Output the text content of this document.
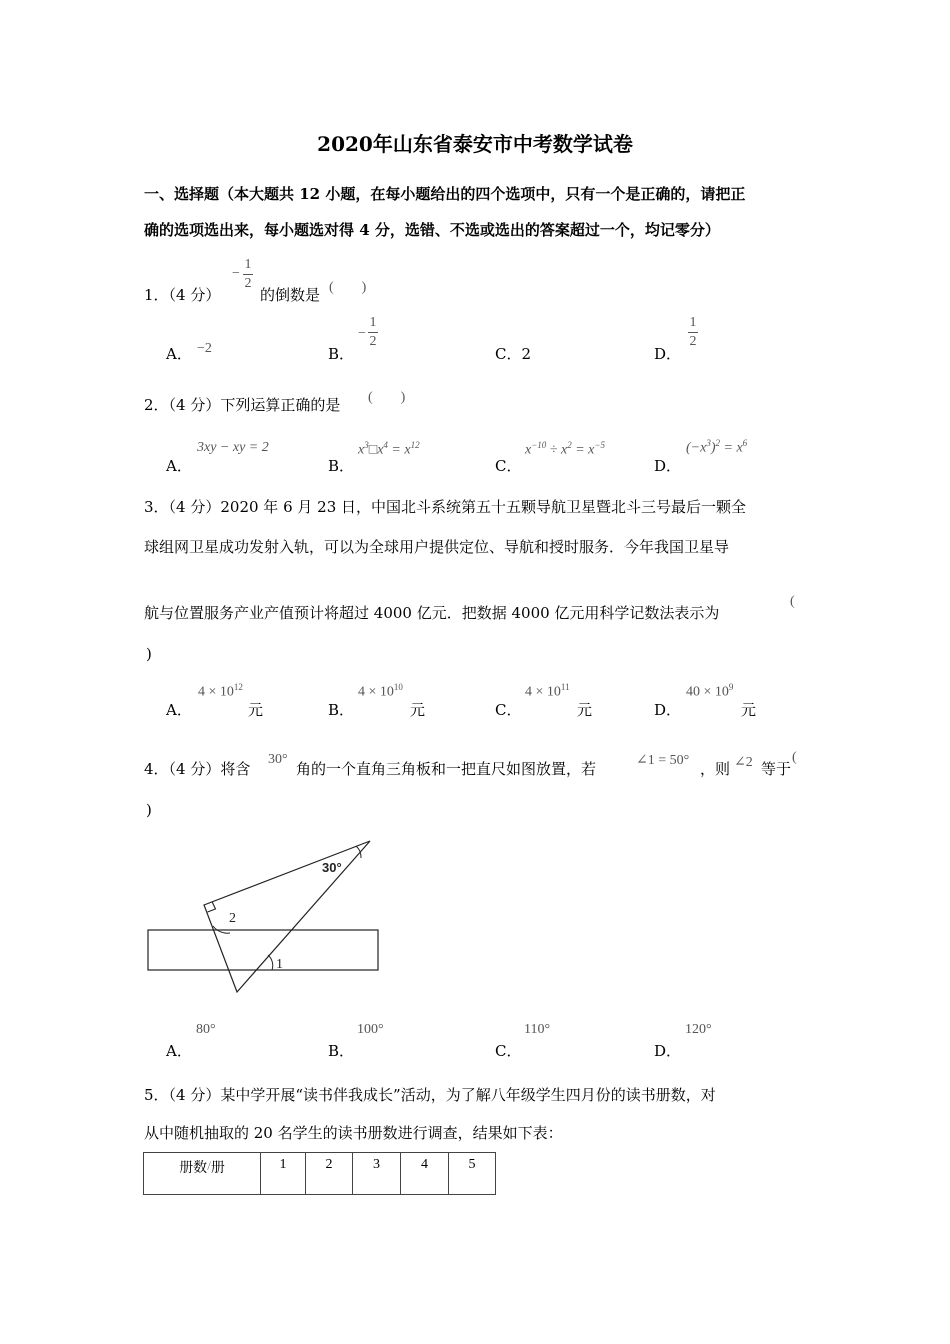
2020年山东省泰安市中考数学试卷
一、选择题（本大题共 12 小题，在每小题给出的四个选项中，只有一个是正确的，请把正
确的选项选出来，每小题选对得 4 分，选错、不选或选出的答案超过一个，均记零分）
1．（4 分）
−
1
2
的倒数是 (　　)
A． −2	B．
−
1
2
C．2	D．
1
2
2．（4 分）下列运算正确的是 (　　)
A．
3xy − xy = 2
B．
$x^3□x^4 = x^{12}$
C．
$x^{-10} \div x^2 = x^{-5}$
D．
$(-x^3)^2 = x^6$
3．（4 分）2020 年 6 月 23 日，中国北斗系统第五十五颗导航卫星暨北斗三号最后一颗全
球组网卫星成功发射入轨，可以为全球用户提供定位、导航和授时服务．今年我国卫星导
航与位置服务产业产值预计将超过 4000 亿元．把数据 4000 亿元用科学记数法表示为
(
)
A．
$4 \times 10^{12}$
元	B．
$4 \times 10^{10}$
元	C．
$4 \times 10^{11}$
元	D．
$40 \times 10^9$
元
4．（4 分）将含
30°
角的一个直角三角板和一把直尺如图放置，若	∠1 = 50° ，则 ∠2 等于
(
)
30°
2
1
A．
80°
B．
100°
C．
110°
D．
120°
5．（4 分）某中学开展“读书伴我成长”活动，为了解八年级学生四月份的读书册数，对
从中随机抽取的 20 名学生的读书册数进行调查，结果如下表：
册数/册	1	2	3	4	5
